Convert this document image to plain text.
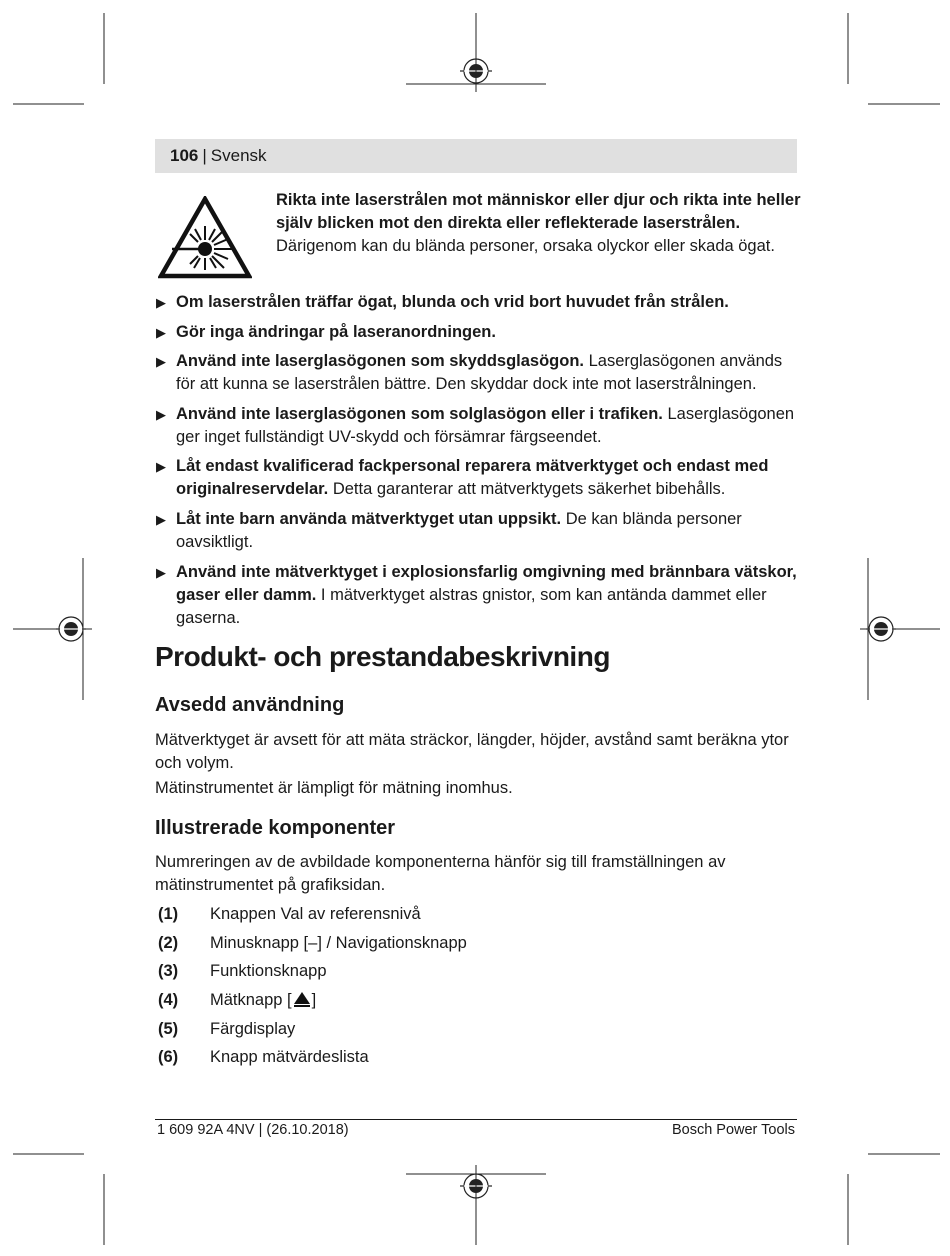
106 | Svensk
Rikta inte laserstrålen mot människor eller djur och rikta inte heller själv blicken mot den direkta eller reflekterade laserstrålen.
Därigenom kan du blända personer, orsaka olyckor eller skada ögat.
▶ Om laserstrålen träffar ögat, blunda och vrid bort huvudet från strålen.
▶ Gör inga ändringar på laseranordningen.
▶ Använd inte laserglasögonen som skyddsglasögon. Laserglasögonen används för att kunna se laserstrålen bättre. Den skyddar dock inte mot laserstrålningen.
▶ Använd inte laserglasögonen som solglasögon eller i trafiken. Laserglasögonen ger inget fullständigt UV-skydd och försämrar färgseendet.
▶ Låt endast kvalificerad fackpersonal reparera mätverktyget och endast med originalreservdelar. Detta garanterar att mätverktygets säkerhet bibehålls.
▶ Låt inte barn använda mätverktyget utan uppsikt. De kan blända personer oavsiktligt.
▶ Använd inte mätverktyget i explosionsfarlig omgivning med brännbara vätskor, gaser eller damm. I mätverktyget alstras gnistor, som kan antända dammet eller gaserna.
Produkt- och prestandabeskrivning
Avsedd användning

Mätverktyget är avsett för att mäta sträckor, längder, höjder, avstånd samt beräkna ytor och volym.

Mätinstrumentet är lämpligt för mätning inomhus.

Illustrerade komponenter

Numreringen av de avbildade komponenterna hänför sig till framställningen av mätinstrumentet på grafiksidan.

(1)	Knappen Val av referensnivå
(2)	Minusknapp [–] / Navigationsknapp
(3)	Funktionsknapp
(4)	Mätknapp [ ]
(5)	Färgdisplay
(6)	Knapp mätvärdeslista
1 609 92A 4NV | (26.10.2018)	Bosch Power Tools
